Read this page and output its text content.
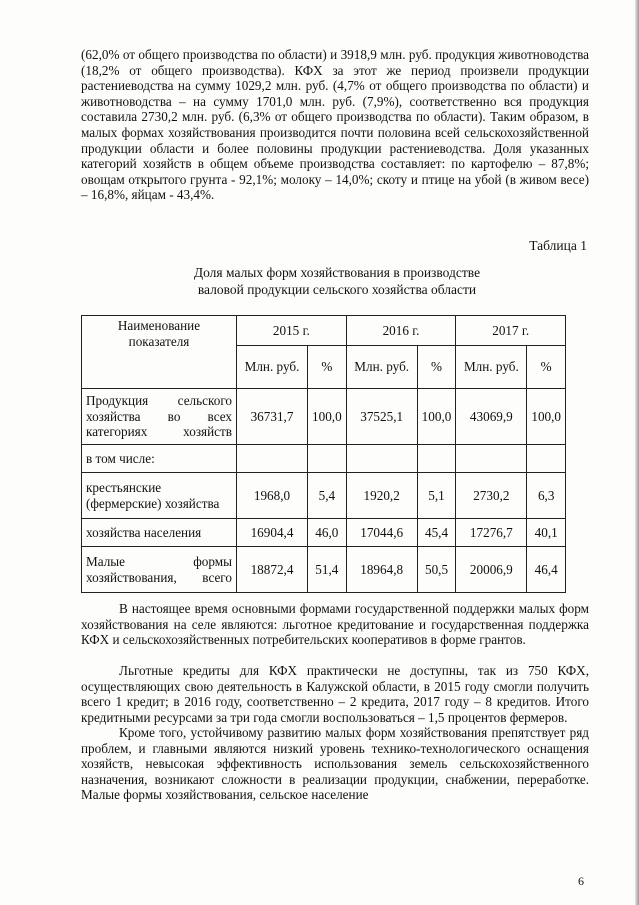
(62,0% от общего производства по области) и 3918,9 млн. руб. продукция животноводства (18,2% от общего производства). КФХ за этот же период произвели продукции растениеводства на сумму 1029,2 млн. руб. (4,7% от общего производства по области) и животноводства – на сумму 1701,0 млн. руб. (7,9%), соответственно вся продукция составила 2730,2 млн. руб. (6,3% от общего производства по области). Таким образом, в малых формах хозяйствования производится почти половина всей сельскохозяйственной продукции области и более половины продукции растениеводства. Доля указанных категорий хозяйств в общем объеме производства составляет: по картофелю – 87,8%; овощам открытого грунта - 92,1%; молоку – 14,0%; скоту и птице на убой (в живом весе) – 16,8%, яйцам - 43,4%.

Таблица 1
Доля малых форм хозяйствования в производстве
валовой продукции сельского хозяйства области
Наименование показателя	2015 г.		2016 г.		2017 г.	
	Млн. руб.	%	Млн. руб.	%	Млн. руб.	%
Продукция сельского хозяйства во всех категориях хозяйств	36731,7	100,0	37525,1	100,0	43069,9	100,0
в том числе:						
крестьянские (фермерские) хозяйства	1968,0	5,4	1920,2	5,1	2730,2	6,3
хозяйства населения	16904,4	46,0	17044,6	45,4	17276,7	40,1
Малые формы хозяйствования, всего	18872,4	51,4	18964,8	50,5	20006,9	46,4

В настоящее время основными формами государственной поддержки малых форм хозяйствования на селе являются: льготное кредитование и государственная поддержка КФХ и сельскохозяйственных потребительских кооперативов в форме грантов.

Льготные кредиты для КФХ практически не доступны, так из 750 КФХ, осуществляющих свою деятельность в Калужской области, в 2015 году смогли получить всего 1 кредит; в 2016 году, соответственно – 2 кредита, 2017 году – 8 кредитов. Итого кредитными ресурсами за три года смогли воспользоваться – 1,5 процентов фермеров.

Кроме того, устойчивому развитию малых форм хозяйствования препятствует ряд проблем, и главными являются низкий уровень технико-технологического оснащения хозяйств, невысокая эффективность использования земель сельскохозяйственного назначения, возникают сложности в реализации продукции, снабжении, переработке. Малые формы хозяйствования, сельское население

6
